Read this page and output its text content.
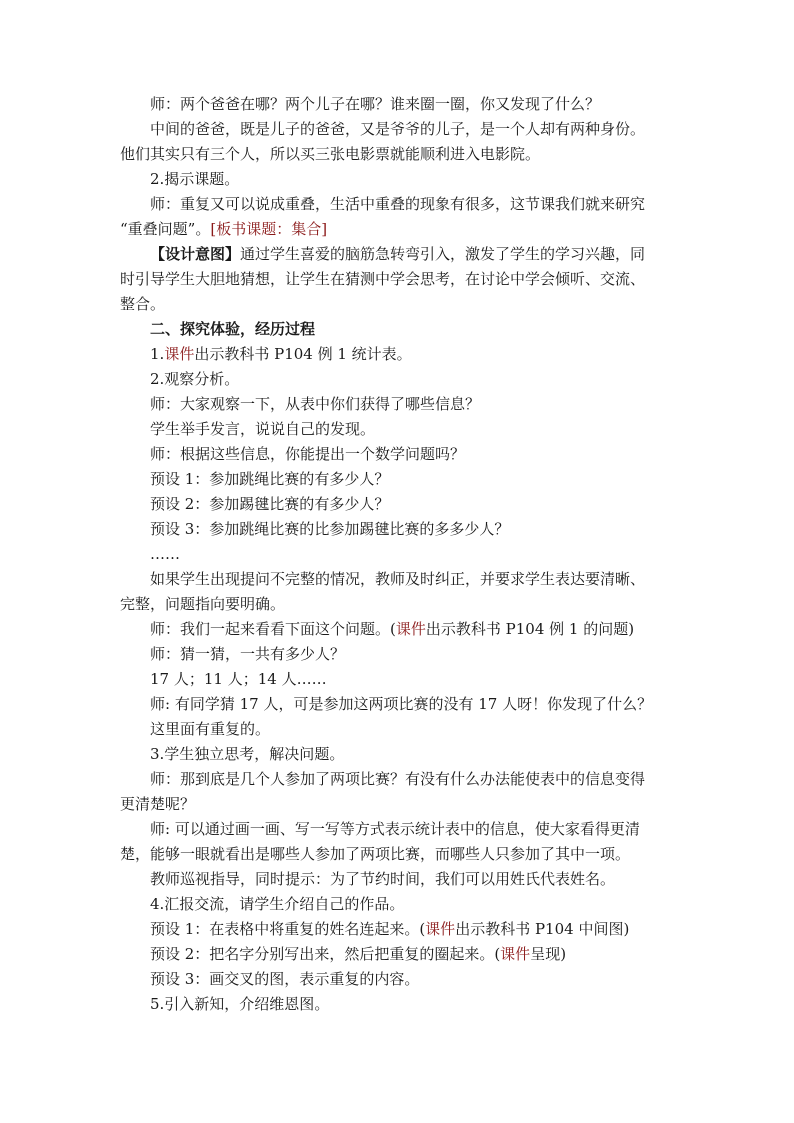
师：两个爸爸在哪？两个儿子在哪？谁来圈一圈，你又发现了什么？
中间的爸爸，既是儿子的爸爸，又是爷爷的儿子，是一个人却有两种身份。
他们其实只有三个人，所以买三张电影票就能顺利进入电影院。
2.揭示课题。
师：重复又可以说成重叠，生活中重叠的现象有很多，这节课我们就来研究
“重叠问题”。[板书课题：集合]
【设计意图】通过学生喜爱的脑筋急转弯引入，激发了学生的学习兴趣，同
时引导学生大胆地猜想，让学生在猜测中学会思考，在讨论中学会倾听、交流、
整合。
二、探究体验，经历过程
1.课件出示教科书 P104 例 1 统计表。
2.观察分析。
师：大家观察一下，从表中你们获得了哪些信息？
学生举手发言，说说自己的发现。
师：根据这些信息，你能提出一个数学问题吗？
预设 1：参加跳绳比赛的有多少人？
预设 2：参加踢毽比赛的有多少人？
预设 3：参加跳绳比赛的比参加踢毽比赛的多多少人？
……
如果学生出现提问不完整的情况，教师及时纠正，并要求学生表达要清晰、
完整，问题指向要明确。
师：我们一起来看看下面这个问题。(课件出示教科书 P104 例 1 的问题)
师：猜一猜，一共有多少人？
17 人；11 人；14 人……
师: 有同学猜 17 人，可是参加这两项比赛的没有 17 人呀！你发现了什么？
这里面有重复的。
3.学生独立思考，解决问题。
师：那到底是几个人参加了两项比赛？有没有什么办法能使表中的信息变得
更清楚呢？
师: 可以通过画一画、写一写等方式表示统计表中的信息，使大家看得更清
楚，能够一眼就看出是哪些人参加了两项比赛，而哪些人只参加了其中一项。
教师巡视指导，同时提示：为了节约时间，我们可以用姓氏代表姓名。
4.汇报交流，请学生介绍自己的作品。
预设 1：在表格中将重复的姓名连起来。(课件出示教科书 P104 中间图)
预设 2：把名字分别写出来，然后把重复的圈起来。(课件呈现)
预设 3：画交叉的图，表示重复的内容。
5.引入新知，介绍维恩图。
